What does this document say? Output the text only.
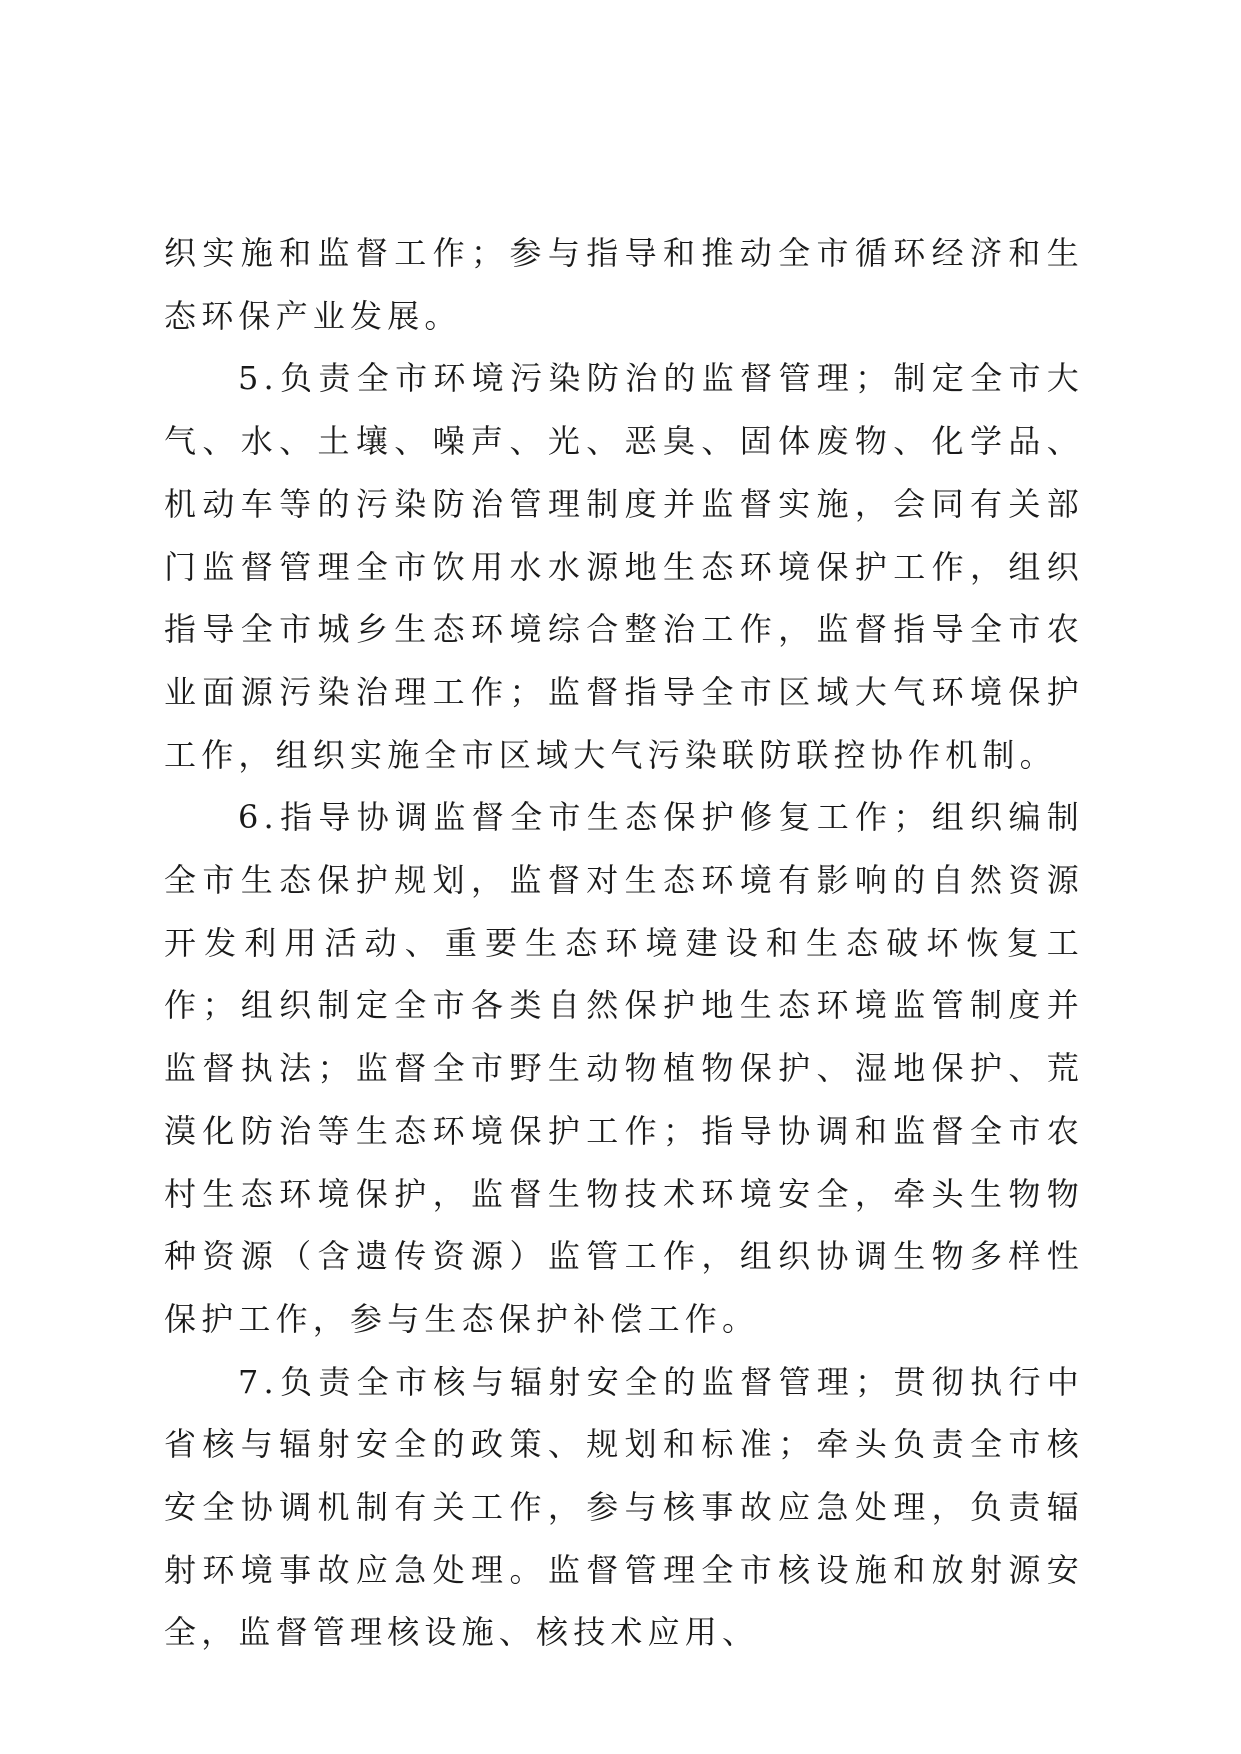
织实施和监督工作；参与指导和推动全市循环经济和生态环保产业发展。

5.负责全市环境污染防治的监督管理；制定全市大气、水、土壤、噪声、光、恶臭、固体废物、化学品、机动车等的污染防治管理制度并监督实施，会同有关部门监督管理全市饮用水水源地生态环境保护工作，组织指导全市城乡生态环境综合整治工作，监督指导全市农业面源污染治理工作；监督指导全市区域大气环境保护工作，组织实施全市区域大气污染联防联控协作机制。

6.指导协调监督全市生态保护修复工作；组织编制全市生态保护规划，监督对生态环境有影响的自然资源开发利用活动、重要生态环境建设和生态破坏恢复工作；组织制定全市各类自然保护地生态环境监管制度并监督执法；监督全市野生动物植物保护、湿地保护、荒漠化防治等生态环境保护工作；指导协调和监督全市农村生态环境保护，监督生物技术环境安全，牵头生物物种资源（含遗传资源）监管工作，组织协调生物多样性保护工作，参与生态保护补偿工作。

7.负责全市核与辐射安全的监督管理；贯彻执行中省核与辐射安全的政策、规划和标准；牵头负责全市核安全协调机制有关工作，参与核事故应急处理，负责辐射环境事故应急处理。监督管理全市核设施和放射源安全，监督管理核设施、核技术应用、
